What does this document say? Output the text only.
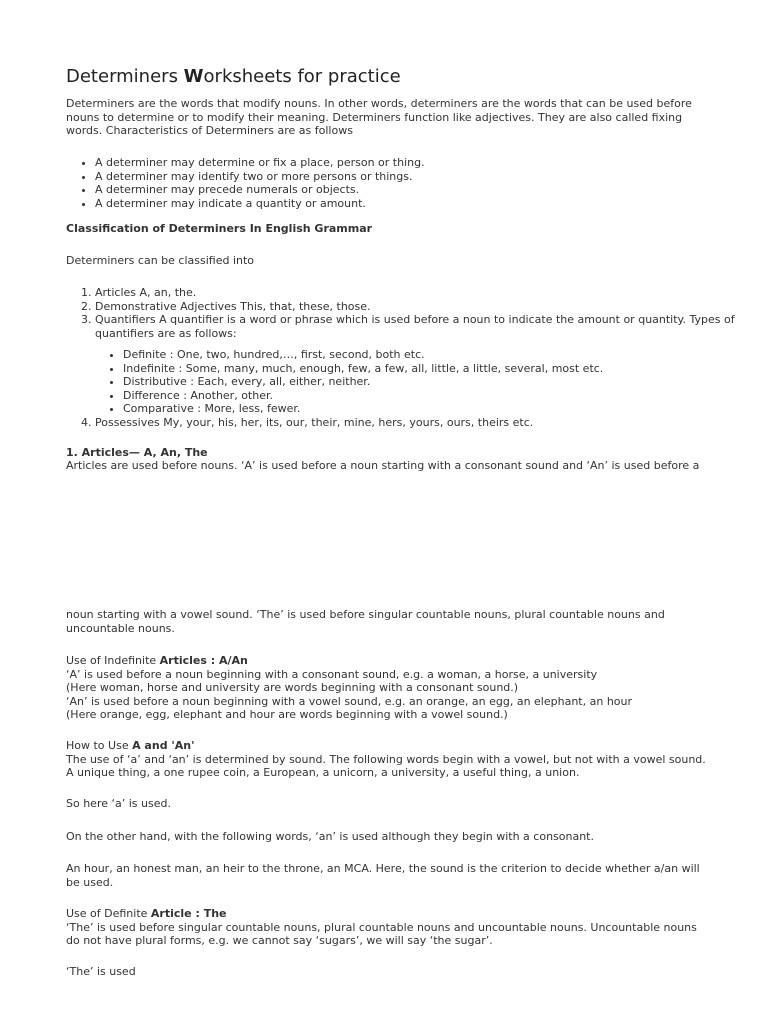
Determiners Worksheets for practice

Determiners are the words that modify nouns. In other words, determiners are the words that can be used before nouns to determine or to modify their meaning. Determiners function like adjectives. They are also called fixing words. Characteristics of Determiners are as follows

• A determiner may determine or fix a place, person or thing.
• A determiner may identify two or more persons or things.
• A determiner may precede numerals or objects.
• A determiner may indicate a quantity or amount.

Classification of Determiners In English Grammar

Determiners can be classified into

1. Articles A, an, the.
2. Demonstrative Adjectives This, that, these, those.
3. Quantifiers A quantifier is a word or phrase which is used before a noun to indicate the amount or quantity. Types of quantifiers are as follows:
• Definite : One, two, hundred,…, first, second, both etc.
• Indefinite : Some, many, much, enough, few, a few, all, little, a little, several, most etc.
• Distributive : Each, every, all, either, neither.
• Difference : Another, other.
• Comparative : More, less, fewer.
4. Possessives My, your, his, her, its, our, their, mine, hers, yours, ours, theirs etc.

1. Articles— A, An, The

Articles are used before nouns. ‘A’ is used before a noun starting with a consonant sound and ‘An’ is used before a

noun starting with a vowel sound. ‘The’ is used before singular countable nouns, plural countable nouns and uncountable nouns.

Use of Indefinite Articles : A/An
‘A’ is used before a noun beginning with a consonant sound, e.g. a woman, a horse, a university
(Here woman, horse and university are words beginning with a consonant sound.)
‘An’ is used before a noun beginning with a vowel sound, e.g. an orange, an egg, an elephant, an hour
(Here orange, egg, elephant and hour are words beginning with a vowel sound.)
How to Use A and 'An'
The use of ‘a’ and ‘an’ is determined by sound. The following words begin with a vowel, but not with a vowel sound. A unique thing, a one rupee coin, a European, a unicorn, a university, a useful thing, a union.

So here ‘a’ is used.

On the other hand, with the following words, ‘an’ is used although they begin with a consonant.

An hour, an honest man, an heir to the throne, an MCA. Here, the sound is the criterion to decide whether a/an will be used.

Use of Definite Article : The
‘The’ is used before singular countable nouns, plural countable nouns and uncountable nouns. Uncountable nouns do not have plural forms, e.g. we cannot say ‘sugars’, we will say ‘the sugar’.

‘The’ is used
